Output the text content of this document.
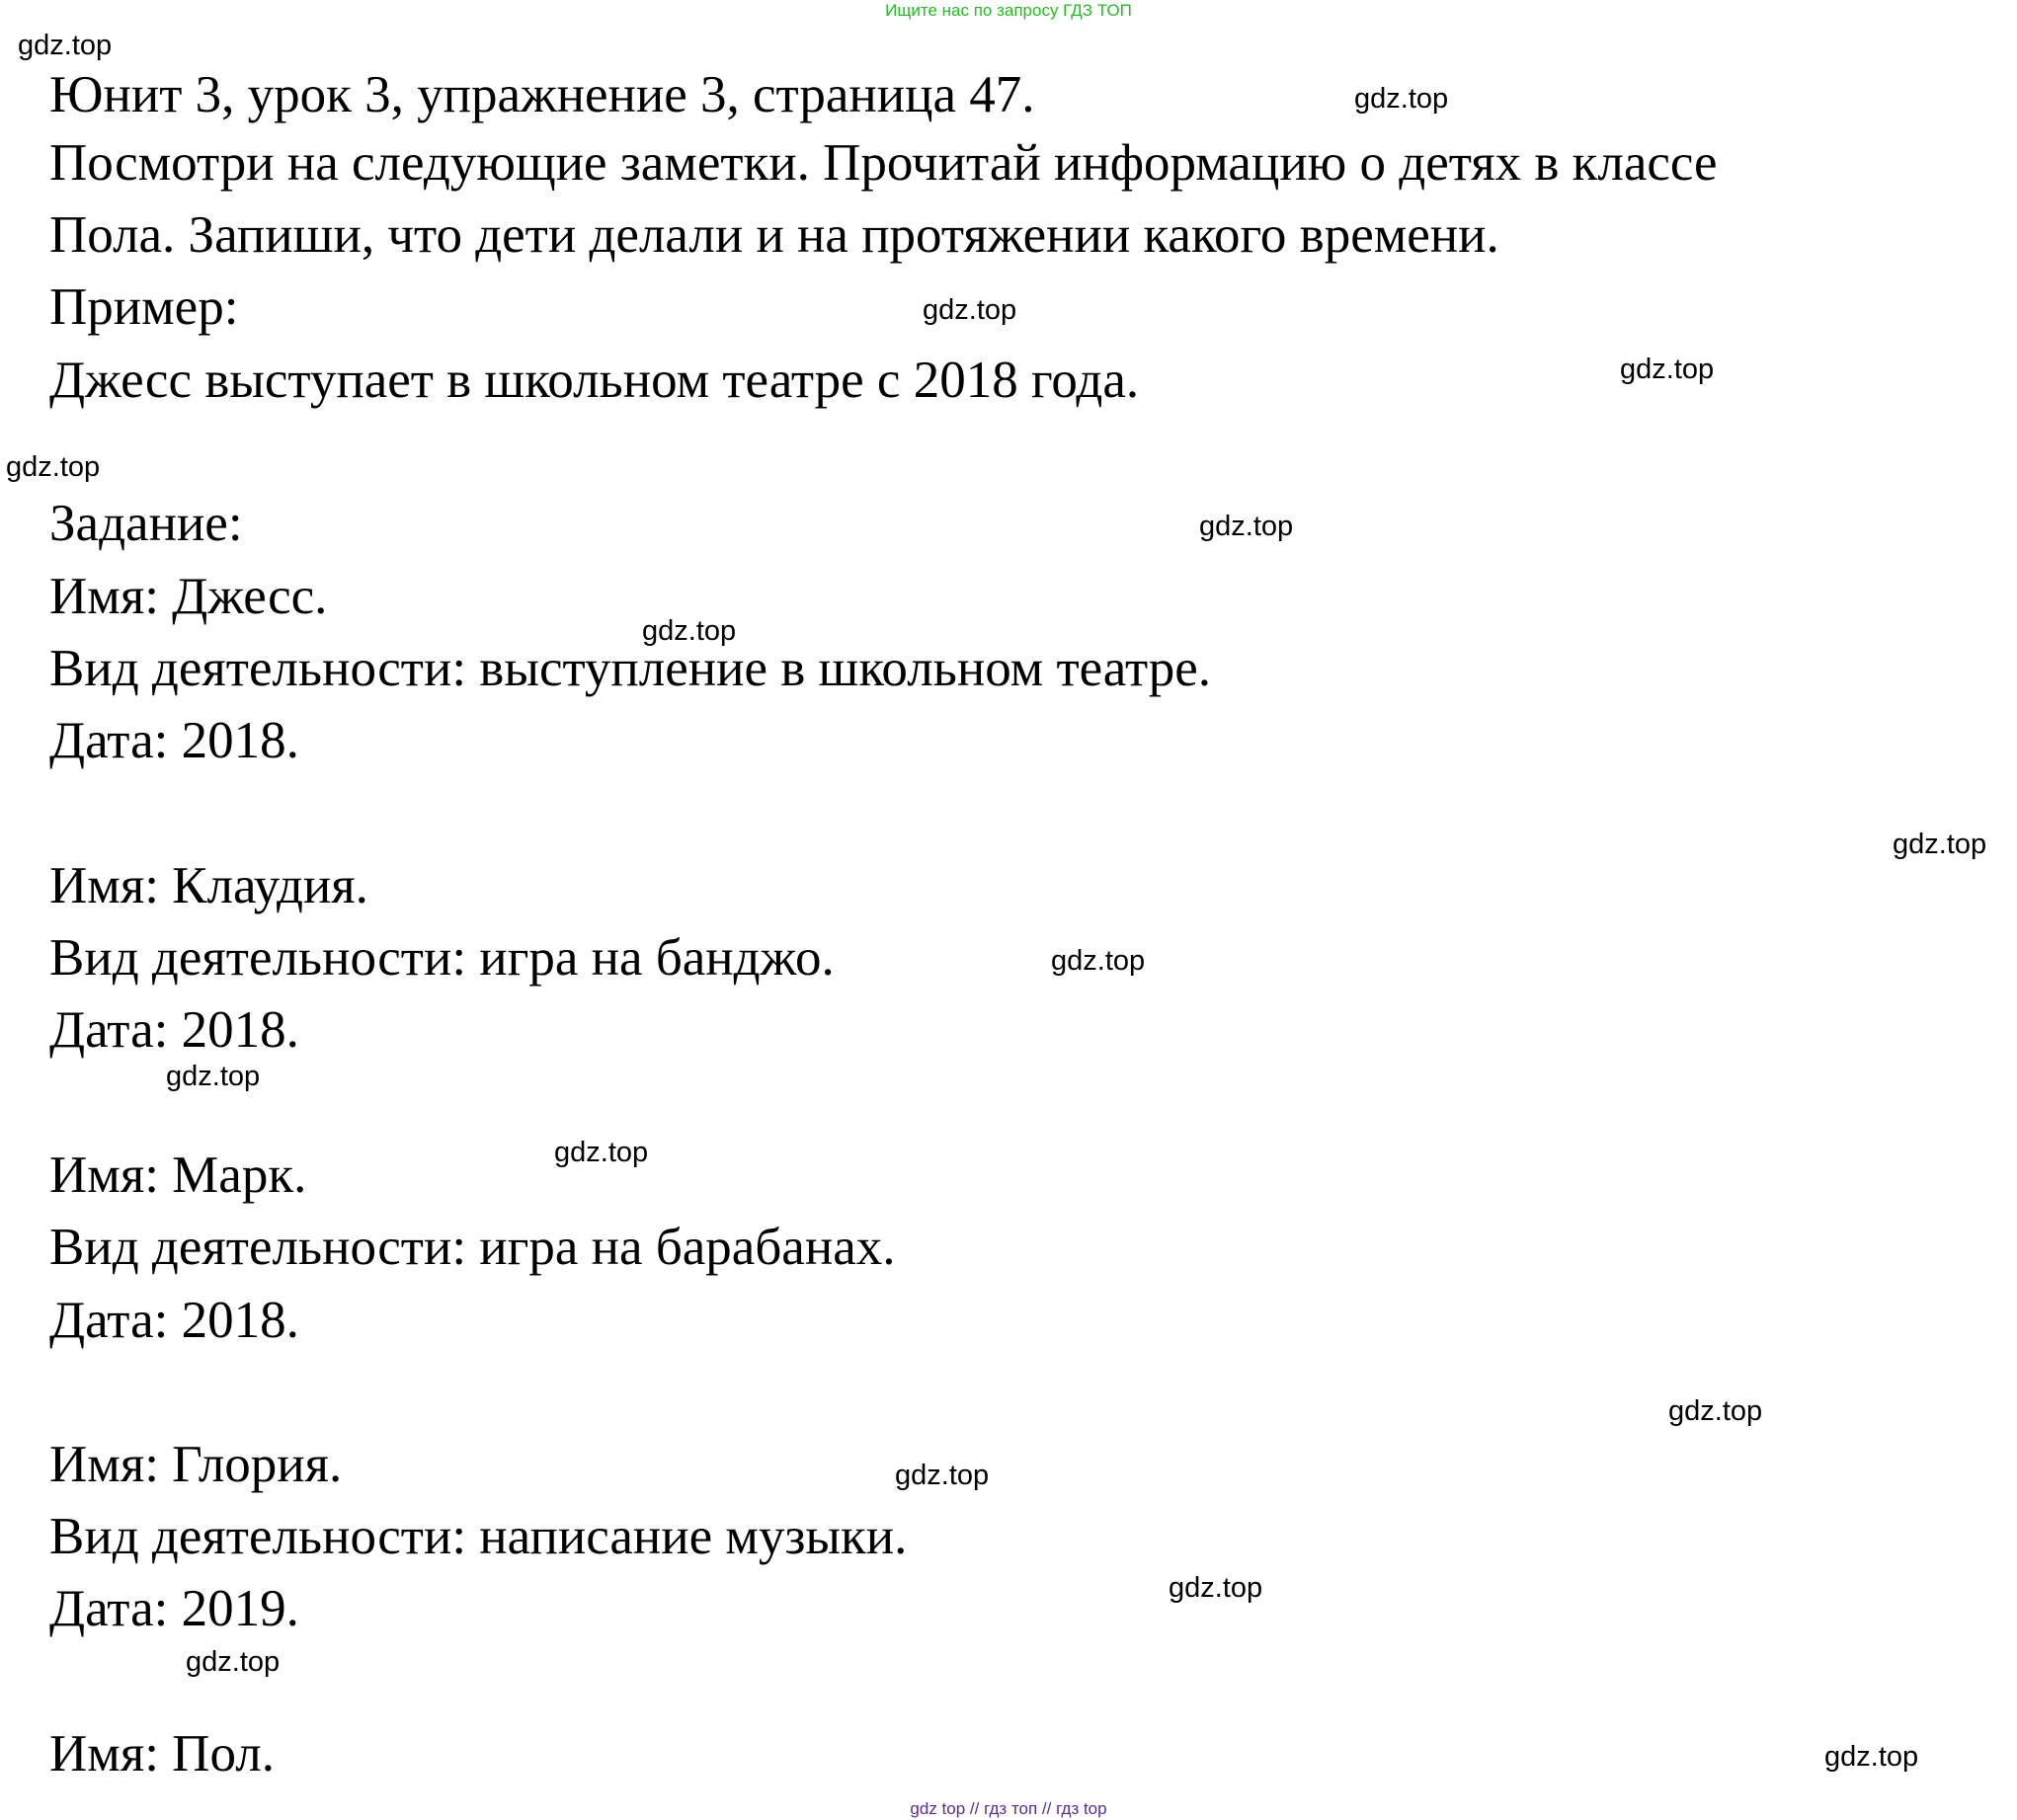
Ищите нас по запросу ГДЗ ТОП
Юнит 3, урок 3, упражнение 3, страница 47.
Посмотри на следующие заметки. Прочитай информацию о детях в классе
Пола. Запиши, что дети делали и на протяжении какого времени.
Пример:
Джесс выступает в школьном театре с 2018 года.
Задание:
Имя: Джесс.
Вид деятельности: выступление в школьном театре.
Дата: 2018.
Имя: Клаудия.
Вид деятельности: игра на банджо.
Дата: 2018.
Имя: Марк.
Вид деятельности: игра на барабанах.
Дата: 2018.
Имя: Глория.
Вид деятельности: написание музыки.
Дата: 2019.
Имя: Пол.
gdz.top
gdz.top
gdz.top
gdz.top
gdz.top
gdz.top
gdz.top
gdz.top
gdz.top
gdz.top
gdz.top
gdz.top
gdz.top
gdz.top
gdz.top
gdz.top
gdz top // гдз топ // гдз top
